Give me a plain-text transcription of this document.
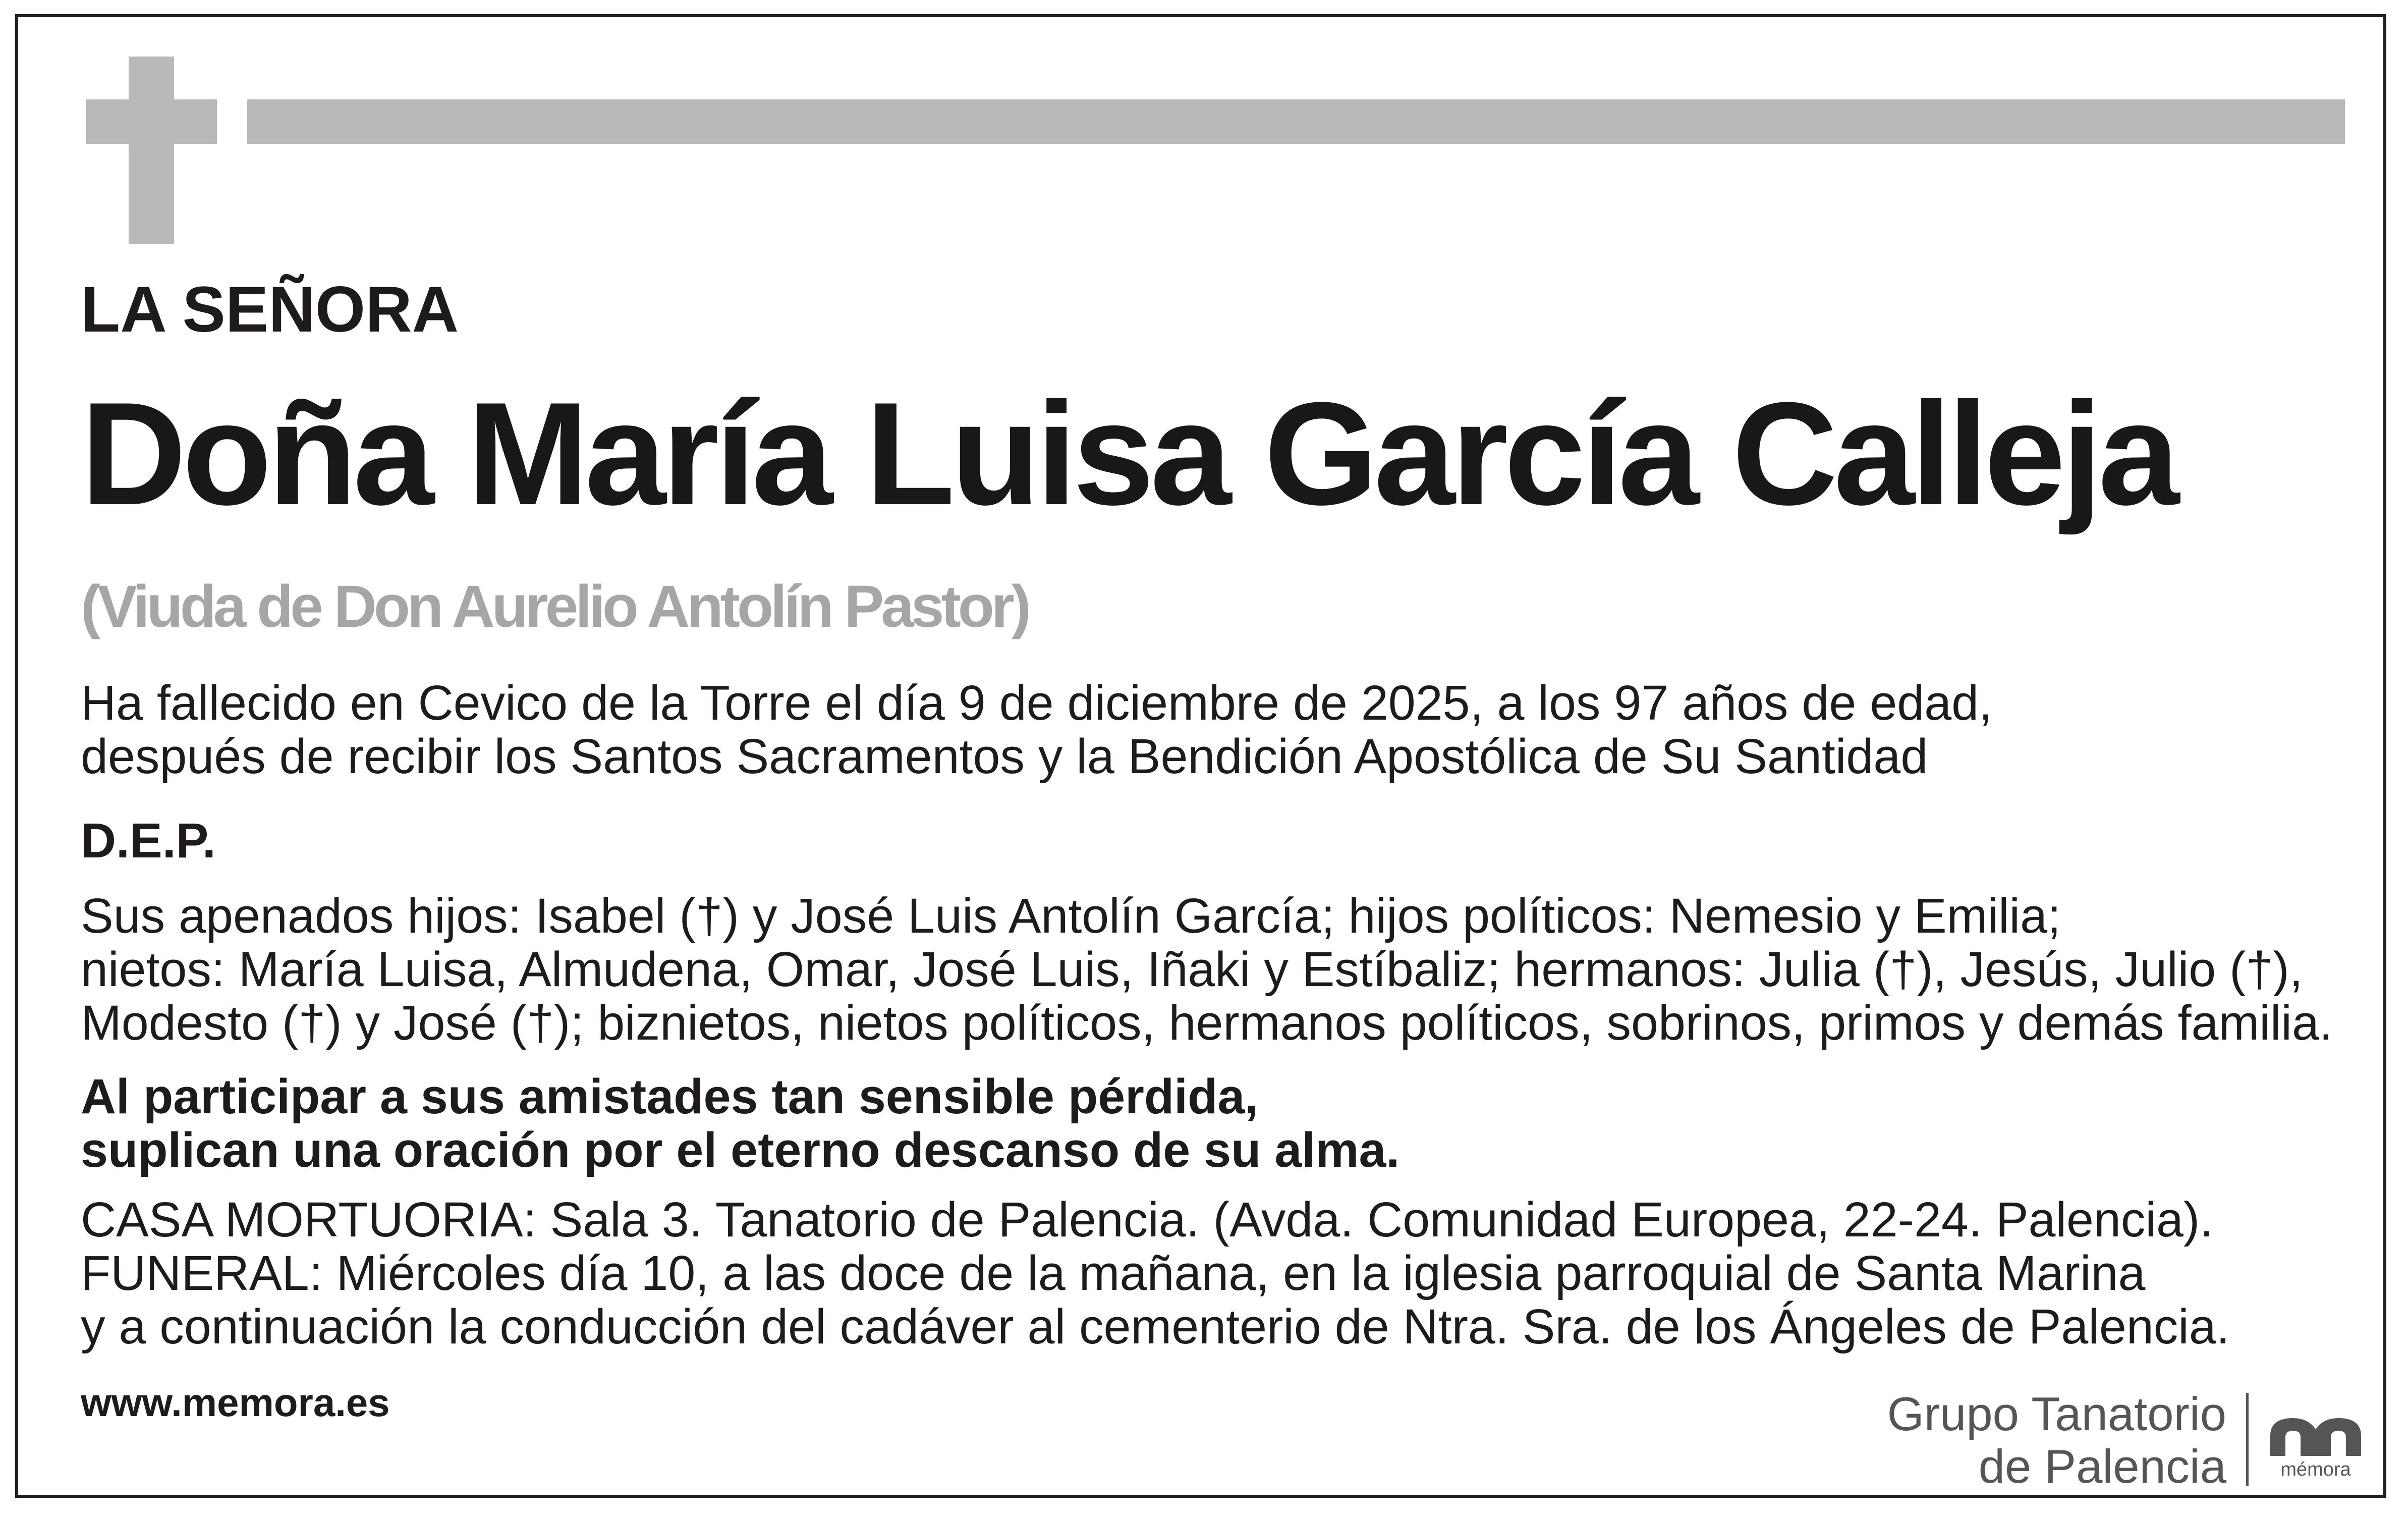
LA SEÑORA
Doña María Luisa García Calleja
(Viuda de Don Aurelio Antolín Pastor)
Ha fallecido en Cevico de la Torre el día 9 de diciembre de 2025, a los 97 años de edad,
después de recibir los Santos Sacramentos y la Bendición Apostólica de Su Santidad
D.E.P.
Sus apenados hijos: Isabel (†) y José Luis Antolín García; hijos políticos: Nemesio y Emilia;
nietos: María Luisa, Almudena, Omar, José Luis, Iñaki y Estíbaliz; hermanos: Julia (†), Jesús, Julio (†),
Modesto (†) y José (†); biznietos, nietos políticos, hermanos políticos, sobrinos, primos y demás familia.
Al participar a sus amistades tan sensible pérdida,
suplican una oración por el eterno descanso de su alma.
CASA MORTUORIA: Sala 3. Tanatorio de Palencia. (Avda. Comunidad Europea, 22-24. Palencia).
FUNERAL: Miércoles día 10, a las doce de la mañana, en la iglesia parroquial de Santa Marina
y a continuación la conducción del cadáver al cementerio de Ntra. Sra. de los Ángeles de Palencia.
www.memora.es	Grupo Tanatorio
de Palencia	mémora
